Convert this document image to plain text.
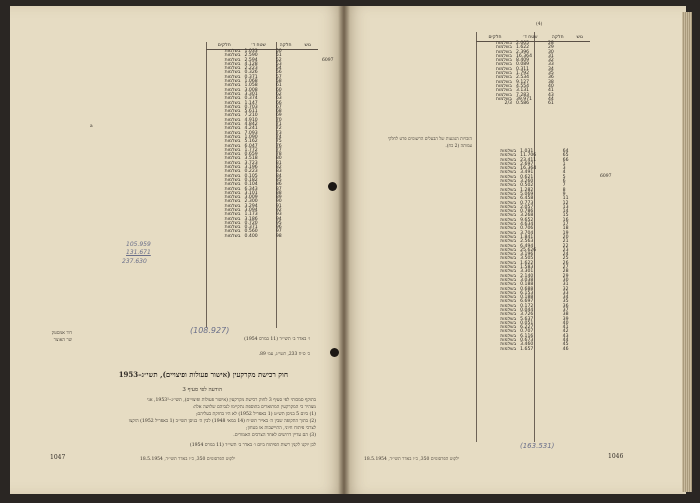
חלקים	שטח ד׳	חלקה	גוש
בשלמות	1.033	50	
בשלמות	2.590	51	
בשלמות	2.594	52	
בשלמות	4.128	53	
בשלמות	2.223	54	
בשלמות	0.326	56	
בשלמות	0.371	57	
בשלמות	1.068	58	
בשלמות	1.058	61	
בשלמות	3.008	60	
בשלמות	3.301	62	
בשלמות	0.374	63	
בשלמות	1.147	66	
בשלמות	0.703	67	
בשלמות	5.611	68	
בשלמות	7.210	69	
בשלמות	4.910	70	
בשלמות	4.842	71	
בשלמות	4.241	72	
בשלמות	7.093	73	
בשלמות	1.090	74	
בשלמות	5.162	75	
בשלמות	6.047	76	
בשלמות	1.772	77	
בשלמות	0.659	78	
בשלמות	3.518	80	
בשלמות	3.723	81	
בשלמות	3.196	82	
בשלמות	0.223	83	
בשלמות	0.105	84	
בשלמות	0.182	85	
בשלמות	0.104	86	
בשלמות	6.343	87	
בשלמות	3.101	88	
בשלמות	3.009	89	
בשלמות	2.300	90	
בשלמות	3.294	91	
בשלמות	3.094	92	
בשלמות	1.173	93	
בשלמות	3.186	94	
בשלמות	0.720	95	
בשלמות	0.371	96	
בשלמות	0.560	97	
בשלמות	0.400	98	
6097
a
105.959
131.671
237.630
(108.927)
ו׳ באדר ב׳ תשי״ד (11 במרס 1954)
דוד אמסטק
שר האוצר
כ׳ ס״ח 233, תשי״ג, עמ׳ 89.
חוק רכישת מקרקעין (אישור פעולות ופיצויים), תשי״ג–1953
הודעה לפי סעיף 3
בתוקף סמכותי לפי סעיף 3 לחוק רכישת מקרקעין (אישור פעולות ופיצויים), תשי״ג–1953¹, אני
מצהיר כי המקרקעין המתוארים בתוספת נתקיימו לגביהם שלושה אלה:
(1) ביום 5 בניסן תש״ט (1 באפריל 1952) לא היו בחזקת בעליהם;
(2) בתוך התקופה שבין ה׳ באייר תש״ח (14 במאי 1948) לבין ה׳ בניסן תשי״ב (1 באפריל 1952) הוקצו
לצרכי פיתוח חיוני, התיישבות או בטחון;
(3) הם עדיין דרושים לאחד הצרכים האמורים.
לכן יוקנו לקנין רשות הפיתוח ביום ו׳ באדר ב׳ תשי״ד (11 במרס 1954)
1047	ילקוט הפרסומים 350, כ״ו באדר תשי״ד, 18.5.1954
(4)
חלקים	שטח ד׳	חלקה	גוש
בשלמות	2.005	28	
בשלמות	1.622	29	
בשלמות	2.396	30	
בשלמות	16.364	31	
בשלמות	8.409	32	
בשלמות	0.089	33	
בשלמות	0.311	34	
בשלמות	1.792	35	
בשלמות	2.534	36	
בשלמות	9.127	38	
בשלמות	4.554	40	
בשלמות	3.131	41	
בשלמות	7.283	43	
בשלמות	39.971	44	
2/3	0.586	61	
הזכויות הנוגעות של הבעלים הרשומים פרט לחלקי
עמותה (2 כח).
בשלמות	1.031	64	
בשלמות	11.706	65	
בשלמות	23.411	66	
בשלמות	2.697	1	
בשלמות	16.364	3	
בשלמות	3.491	4	
בשלמות	0.621	5	
בשלמות	3.260	6	
בשלמות	0.502	7	
בשלמות	1.282	8	
בשלמות	5.069	9	
בשלמות	6.458	11	
בשלמות	0.773	12	
בשלמות	2.057	13	
בשלמות	0.786	14	
בשלמות	3.268	15	
בשלמות	9.652	16	
בשלמות	4.634	17	
בשלמות	0.706	18	
בשלמות	3.704	19	
בשלמות	1.841	20	
בשלמות	2.563	21	
בשלמות	6.494	22	
בשלמות	25.626	23	
בשלמות	3.196	24	
בשלמות	3.505	25	
בשלמות	1.622	26	
בשלמות	1.583	27	
בשלמות	3.301	28	
בשלמות	2.140	29	
בשלמות	3.038	30	
בשלמות	0.188	31	
בשלמות	0.688	32	
בשלמות	6.153	33	
בשלמות	0.188	34	
בשלמות	6.697	35	
בשלמות	0.172	36	
בשלמות	0.044	37	
בשלמות	3.726	38	
בשלמות	5.637	39	
בשלמות	0.051	40	
בשלמות	6.227	41	
בשלמות	0.707	42	
בשלמות	6.116	43	
בשלמות	0.673	44	
בשלמות	3.460	45	
בשלמות	1.657	46	
6097
(163.531)
ילקוט הפרסומים 350, כ״ו באדר תשי״ד, 18.5.1954	1046
